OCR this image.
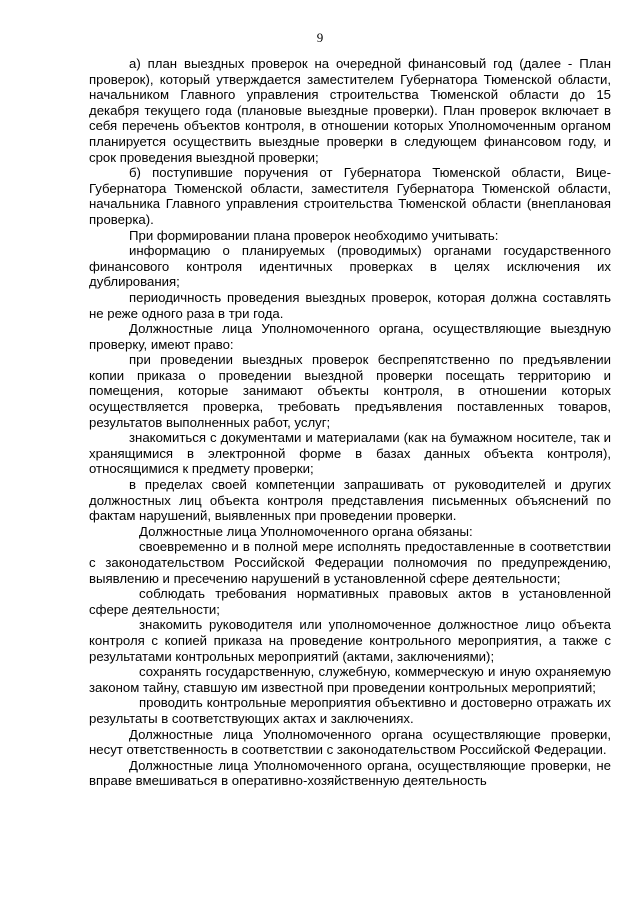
9

а) план выездных проверок на очередной финансовый год (далее - План проверок), который утверждается заместителем Губернатора Тюменской области, начальником Главного управления строительства Тюменской области до 15 декабря текущего года (плановые выездные проверки). План проверок включает в себя перечень объектов контроля, в отношении которых Уполномоченным органом планируется осуществить выездные проверки в следующем финансовом году, и срок проведения выездной проверки;

б) поступившие поручения от Губернатора Тюменской области, Вице-Губернатора Тюменской области, заместителя Губернатора Тюменской области, начальника Главного управления строительства Тюменской области (внеплановая проверка).

При формировании плана проверок необходимо учитывать:

информацию о планируемых (проводимых) органами государственного финансового контроля идентичных проверках в целях исключения их дублирования;

периодичность проведения выездных проверок, которая должна составлять не реже одного раза в три года.

Должностные лица Уполномоченного органа, осуществляющие выездную проверку, имеют право:

при проведении выездных проверок беспрепятственно по предъявлении копии приказа о проведении выездной проверки посещать территорию и помещения, которые занимают объекты контроля, в отношении которых осуществляется проверка, требовать предъявления поставленных товаров, результатов выполненных работ, услуг;

знакомиться с документами и материалами (как на бумажном носителе, так и хранящимися в электронной форме в базах данных объекта контроля), относящимися к предмету проверки;

в пределах своей компетенции запрашивать от руководителей и других должностных лиц объекта контроля представления письменных объяснений по фактам нарушений, выявленных при проведении проверки.

Должностные лица Уполномоченного органа обязаны:

своевременно и в полной мере исполнять предоставленные в соответствии с законодательством Российской Федерации полномочия по предупреждению, выявлению и пресечению нарушений в установленной сфере деятельности;

соблюдать требования нормативных правовых актов в установленной сфере деятельности;

знакомить руководителя или уполномоченное должностное лицо объекта контроля с копией приказа на проведение контрольного мероприятия, а также с результатами контрольных мероприятий (актами, заключениями);

сохранять государственную, служебную, коммерческую и иную охраняемую законом тайну, ставшую им известной при проведении контрольных мероприятий;

проводить контрольные мероприятия объективно и достоверно отражать их результаты в соответствующих актах и заключениях.

Должностные лица Уполномоченного органа осуществляющие проверки, несут ответственность в соответствии с законодательством Российской Федерации.

Должностные лица Уполномоченного органа, осуществляющие проверки, не вправе вмешиваться в оперативно-хозяйственную деятельность
